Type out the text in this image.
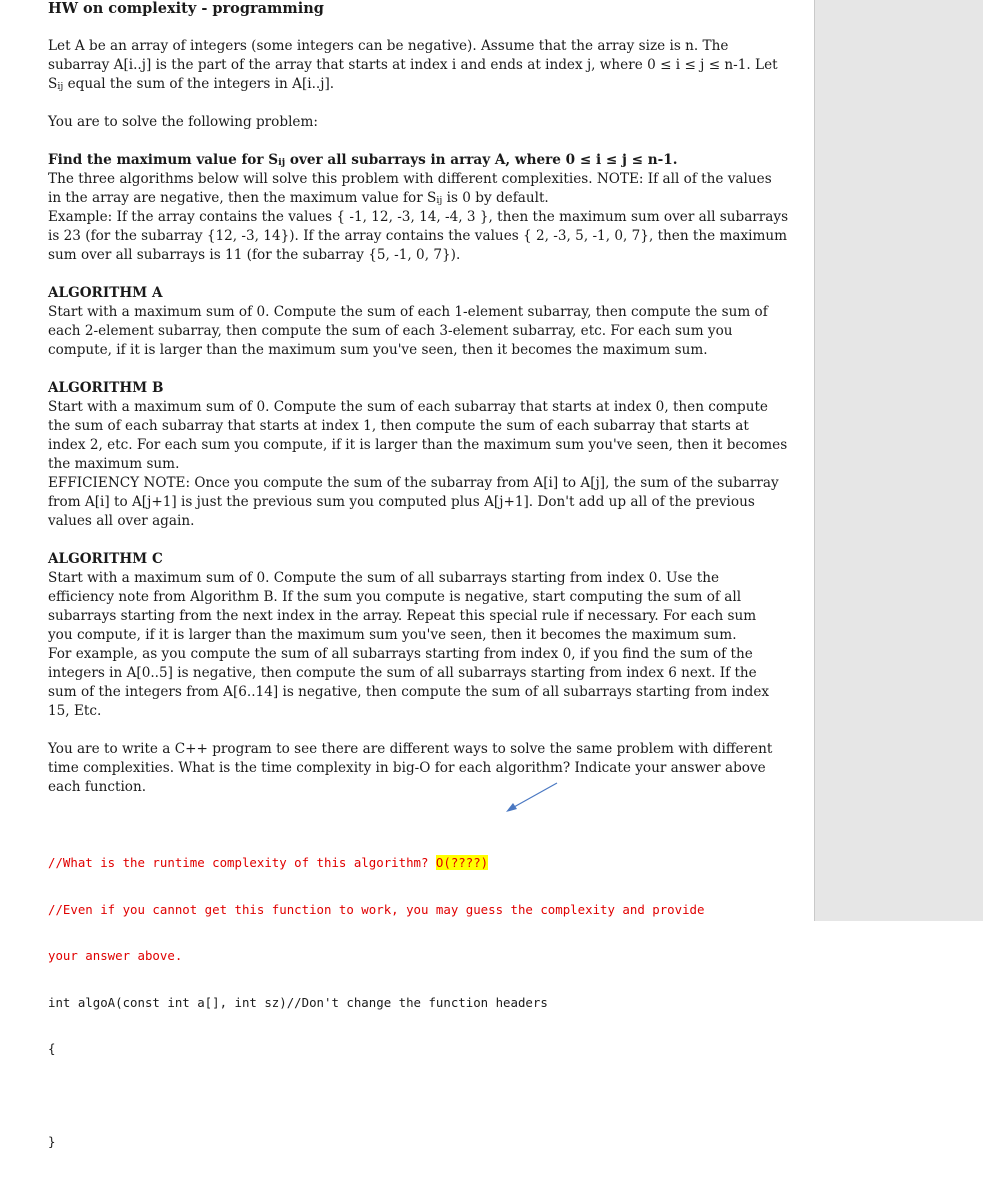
HW on complexity - programming
Let A be an array of integers (some integers can be negative). Assume that the array size is n. The
subarray A[i..j] is the part of the array that starts at index i and ends at index j, where 0 ≤ i ≤ j ≤ n-1. Let
Sij equal the sum of the integers in A[i..j].
You are to solve the following problem:
Find the maximum value for Sij over all subarrays in array A, where 0 ≤ i ≤ j ≤ n-1.
The three algorithms below will solve this problem with different complexities. NOTE: If all of the values
in the array are negative, then the maximum value for Sij is 0 by default.
Example: If the array contains the values { -1, 12, -3, 14, -4, 3 }, then the maximum sum over all subarrays
is 23 (for the subarray {12, -3, 14}). If the array contains the values { 2, -3, 5, -1, 0, 7}, then the maximum
sum over all subarrays is 11 (for the subarray {5, -1, 0, 7}).
ALGORITHM A
Start with a maximum sum of 0. Compute the sum of each 1-element subarray, then compute the sum of
each 2-element subarray, then compute the sum of each 3-element subarray, etc. For each sum you
compute, if it is larger than the maximum sum you've seen, then it becomes the maximum sum.
ALGORITHM B
Start with a maximum sum of 0. Compute the sum of each subarray that starts at index 0, then compute
the sum of each subarray that starts at index 1, then compute the sum of each subarray that starts at
index 2, etc. For each sum you compute, if it is larger than the maximum sum you've seen, then it becomes
the maximum sum.
EFFICIENCY NOTE: Once you compute the sum of the subarray from A[i] to A[j], the sum of the subarray
from A[i] to A[j+1] is just the previous sum you computed plus A[j+1]. Don't add up all of the previous
values all over again.
ALGORITHM C
Start with a maximum sum of 0. Compute the sum of all subarrays starting from index 0. Use the
efficiency note from Algorithm B. If the sum you compute is negative, start computing the sum of all
subarrays starting from the next index in the array. Repeat this special rule if necessary. For each sum
you compute, if it is larger than the maximum sum you've seen, then it becomes the maximum sum.
For example, as you compute the sum of all subarrays starting from index 0, if you find the sum of the
integers in A[0..5] is negative, then compute the sum of all subarrays starting from index 6 next. If the
sum of the integers from A[6..14] is negative, then compute the sum of all subarrays starting from index
15, Etc.
You are to write a C++ program to see there are different ways to solve the same problem with different
time complexities. What is the time complexity in big-O for each algorithm? Indicate your answer above
each function.

//What is the runtime complexity of this algorithm? O(????)

//Even if you cannot get this function to work, you may guess the complexity and provide

your answer above.

int algoA(const int a[], int sz)//Don't change the function headers

{

}
